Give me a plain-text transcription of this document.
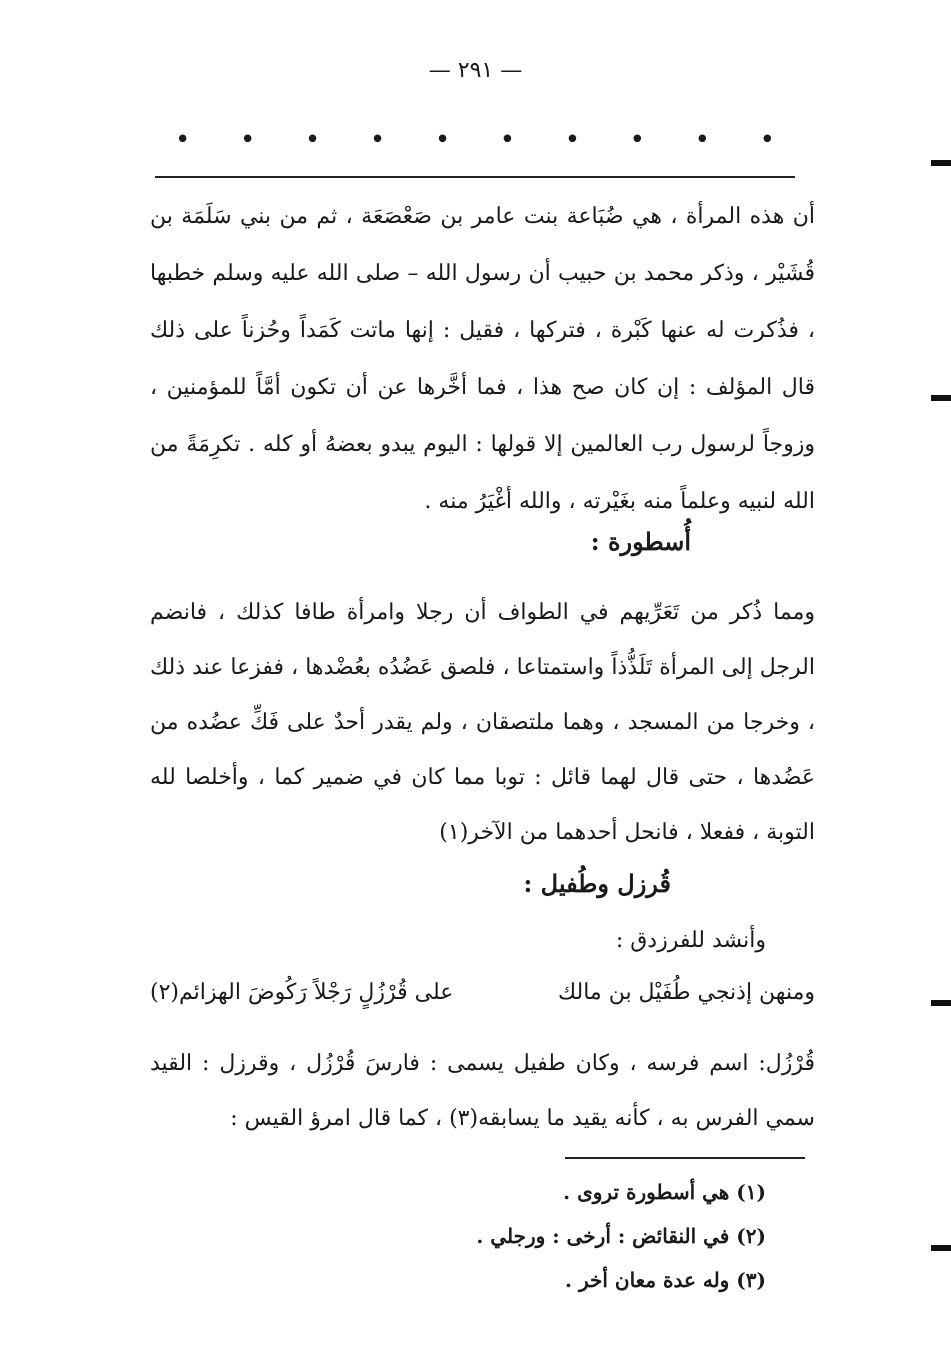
— ٢٩١ —
•
•
•
•
•
•
•
•
•
•

أن هذه المرأة ، هي ضُبَاعة بنت عامر بن صَعْصَعَة ، ثم من بني سَلَمَة بن قُشَيْر ، وذكر محمد بن حبيب أن رسول الله – صلى الله عليه وسلم خطبها ، فذُكرت له عنها كَبْرة ، فتركها ، فقيل : إنها ماتت كَمَداً وحُزناً على ذلك قال المؤلف : إن كان صح هذا ، فما أخَّرها عن أن تكون أمَّاً للمؤمنين ، وزوجاً لرسول رب العالمين إلا قولها : اليوم يبدو بعضهُ أو كله . تكرِمَةً من الله لنبيه وعلماً منه بغَيْرته ، والله أغْيَرُ منه .

أُسطورة :

ومما ذُكر من تَعَرِّيهم في الطواف أن رجلا وامرأة طافا كذلك ، فانضم الرجل إلى المرأة تَلَذُّذاً واستمتاعا ، فلصق عَضُدُه بعُضْدها ، ففزعا عند ذلك ، وخرجا من المسجد ، وهما ملتصقان ، ولم يقدر أحدٌ على فَكِّ عضُده من عَضُدها ، حتى قال لهما قائل : توبا مما كان في ضمير كما ، وأخلصا لله التوبة ، ففعلا ، فانحل أحدهما من الآخر(١)

قُرزل وطُفيل :

وأنشد للفرزدق :

ومنهن إذنجي طُفَيْل بن مالك
على قُرْزُلٍ رَجْلاً رَكُوضَ الهزائم(٢)

قُرْزُل: اسم فرسه ، وكان طفيل يسمى : فارسَ قُرْزُل ، وقرزل : القيد سمي الفرس به ، كأنه يقيد ما يسابقه(٣) ، كما قال امرؤ القيس :

(١) هي أسطورة تروى .
(٢) في النقائض : أرخى : ورجلي .
(٣) وله عدة معان أخر .
